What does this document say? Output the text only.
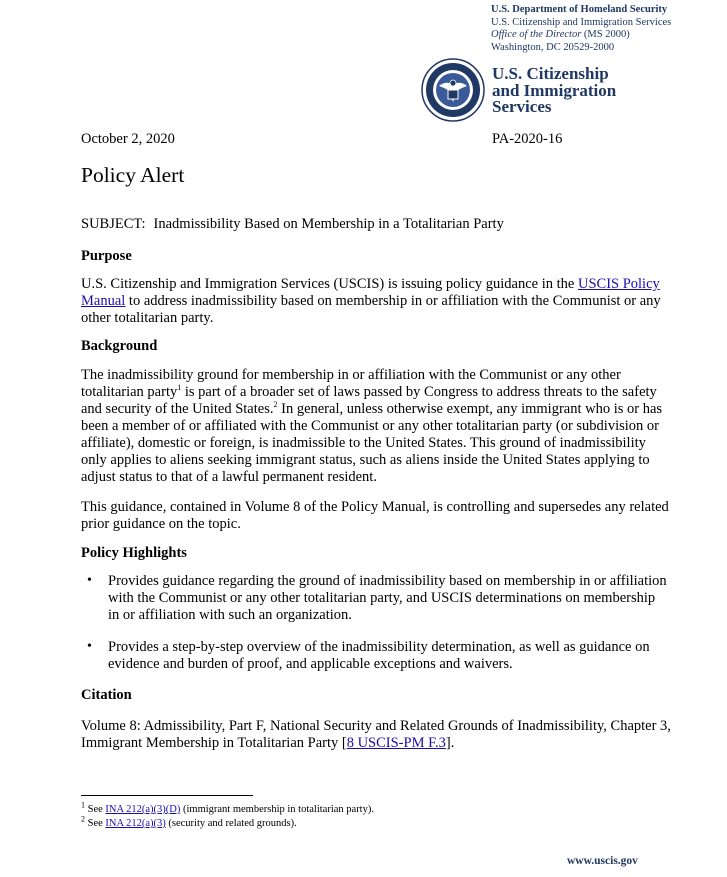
U.S. Department of Homeland Security
U.S. Citizenship and Immigration Services
Office of the Director (MS 2000)
Washington, DC 20529-2000
U.S. Citizenship
and Immigration
Services
October 2, 2020	PA-2020-16
Policy Alert
SUBJECT: Inadmissibility Based on Membership in a Totalitarian Party
Purpose

U.S. Citizenship and Immigration Services (USCIS) is issuing policy guidance in the USCIS Policy Manual to address inadmissibility based on membership in or affiliation with the Communist or any other totalitarian party.

Background

The inadmissibility ground for membership in or affiliation with the Communist or any other totalitarian party$^1$ is part of a broader set of laws passed by Congress to address threats to the safety and security of the United States.$^2$ In general, unless otherwise exempt, any immigrant who is or has been a member of or affiliated with the Communist or any other totalitarian party (or subdivision or affiliate), domestic or foreign, is inadmissible to the United States. This ground of inadmissibility only applies to aliens seeking immigrant status, such as aliens inside the United States applying to adjust status to that of a lawful permanent resident.

This guidance, contained in Volume 8 of the Policy Manual, is controlling and supersedes any related prior guidance on the topic.

Policy Highlights
• Provides guidance regarding the ground of inadmissibility based on membership in or affiliation with the Communist or any other totalitarian party, and USCIS determinations on membership in or affiliation with such an organization.

• Provides a step-by-step overview of the inadmissibility determination, as well as guidance on evidence and burden of proof, and applicable exceptions and waivers.

Citation

Volume 8: Admissibility, Part F, National Security and Related Grounds of Inadmissibility, Chapter 3, Immigrant Membership in Totalitarian Party [8 USCIS-PM F.3].

$^1$ See INA 212(a)(3)(D) (immigrant membership in totalitarian party).
$^2$ See INA 212(a)(3) (security and related grounds).
www.uscis.gov
